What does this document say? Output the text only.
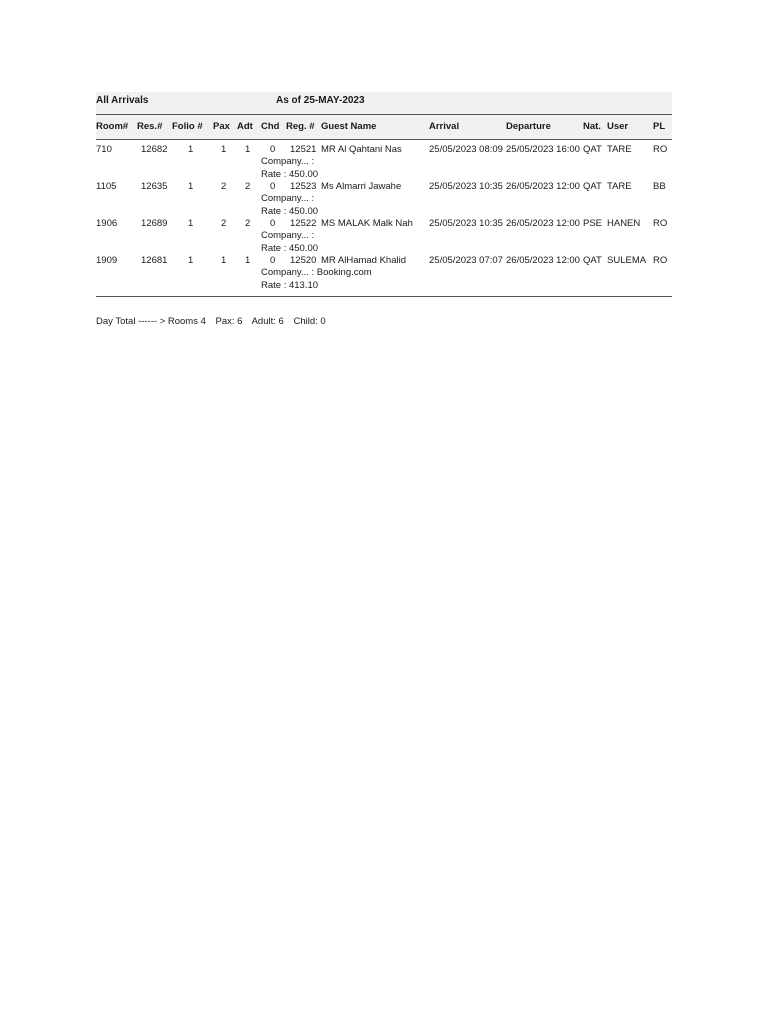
All Arrivals	As of 25-MAY-2023
Room# Res.# Folio # Pax Adt Chd Reg. # Guest Name	Arrival	Departure	Nat. User	PL
710	12682 1	1 1 0 12521 MR Al Qahtani Nas	25/05/2023 08:09 25/05/2023 16:00 QAT TARE RO
Company... :
Rate : 450.00
1105	12635 1	2 2 0 12523 Ms Almarri Jawahe	25/05/2023 10:35 26/05/2023 12:00 QAT TARE BB
Company... :
Rate : 450.00
1906	12689 1	2 2 0 12522 MS MALAK Malk Nah 25/05/2023 10:35 26/05/2023 12:00 PSE HANEN RO
Company... :
Rate : 450.00
1909	12681 1	1 1 0 12520 MR AlHamad Khalid 25/05/2023 07:07 26/05/2023 12:00 QAT SULEMA RO
Company... : Booking.com
Rate : 413.10
Day Total ------ > Rooms 4 Pax: 6 Adult: 6 Child: 0
